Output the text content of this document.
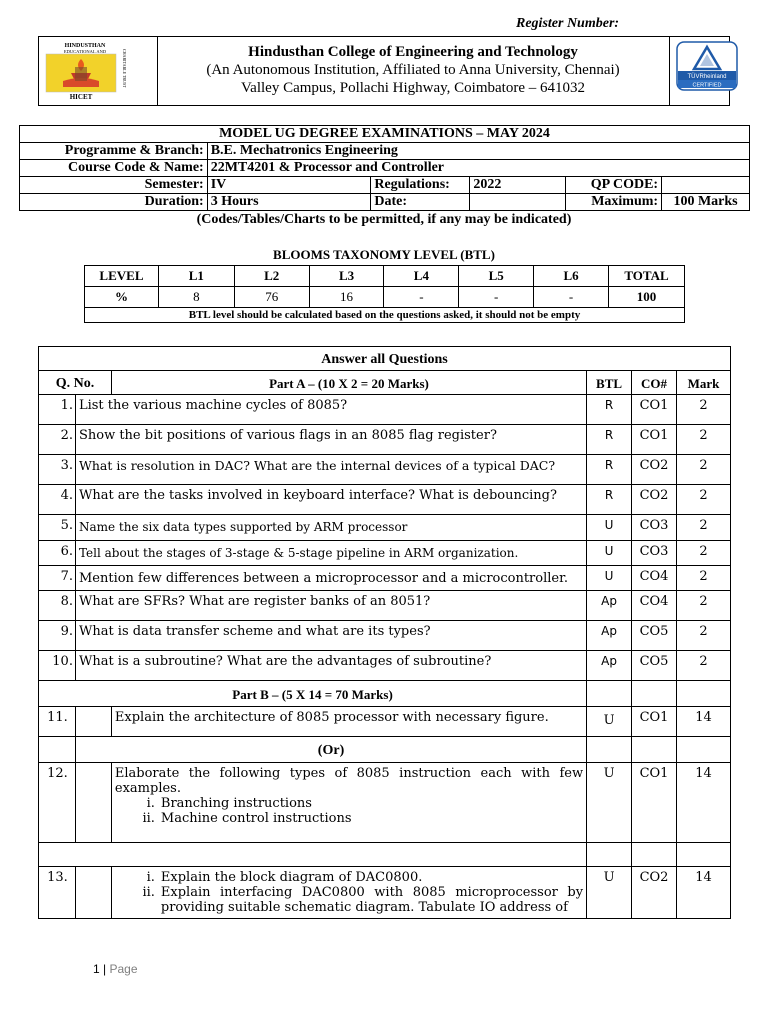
Register Number:
HINDUSTHAN
EDUCATIONAL AND
HICET
CHARITABLE TRUST	Hindusthan College of Engineering and Technology
(An Autonomous Institution, Affiliated to Anna University, Chennai)
Valley Campus, Pollachi Highway, Coimbatore – 641032
TÜVRheinland
CERTIFIED
MODEL UG DEGREE EXAMINATIONS – MAY 2024					
Programme & Branch:	B.E. Mechatronics Engineering				
Course Code & Name:	22MT4201 & Processor and Controller				
Semester:	IV	Regulations:	2022	QP CODE:	
Duration:	3 Hours	Date:		Maximum:	100 Marks
(Codes/Tables/Charts to be permitted, if any may be indicated)
BLOOMS TAXONOMY LEVEL (BTL)
LEVEL	L1	L2	L3	L4	L5	L6	TOTAL
%	8	76	16	-	-	-	100
BTL level should be calculated based on the questions asked, it should not be empty							
Answer all Questions					
Q. No.		Part A – (10 X 2 = 20 Marks)	BTL	CO#	Mark
1.	List the various machine cycles of 8085?		R	CO1	2
2.	Show the bit positions of various flags in an 8085 flag register?		R	CO1	2
3.	What is resolution in DAC? What are the internal devices of a typical DAC?		R	CO2	2
4.	What are the tasks involved in keyboard interface? What is debouncing?		R	CO2	2
5.	Name the six data types supported by ARM processor		U	CO3	2
6.	Tell about the stages of 3-stage & 5-stage pipeline in ARM organization.		U	CO3	2
7.	Mention few differences between a microprocessor and a microcontroller.		U	CO4	2
8.	What are SFRs? What are register banks of an 8051?		Ap	CO4	2
9.	What is data transfer scheme and what are its types?		Ap	CO5	2
10.	What is a subroutine? What are the advantages of subroutine?		Ap	CO5	2
Part B – (5 X 14 = 70 Marks)					
11.		Explain the architecture of 8085 processor with necessary figure.	U	CO1	14
	(Or)				
12.		Elaborate the following types of 8085 instruction each with few examples.
i. Branching instructions
ii. Machine control instructions	U	CO1	14

13.		i. Explain the block diagram of DAC0800.
ii. Explain interfacing DAC0800 with 8085 microprocessor by providing suitable schematic diagram. Tabulate IO address of	U	CO2	14
1 | Page
